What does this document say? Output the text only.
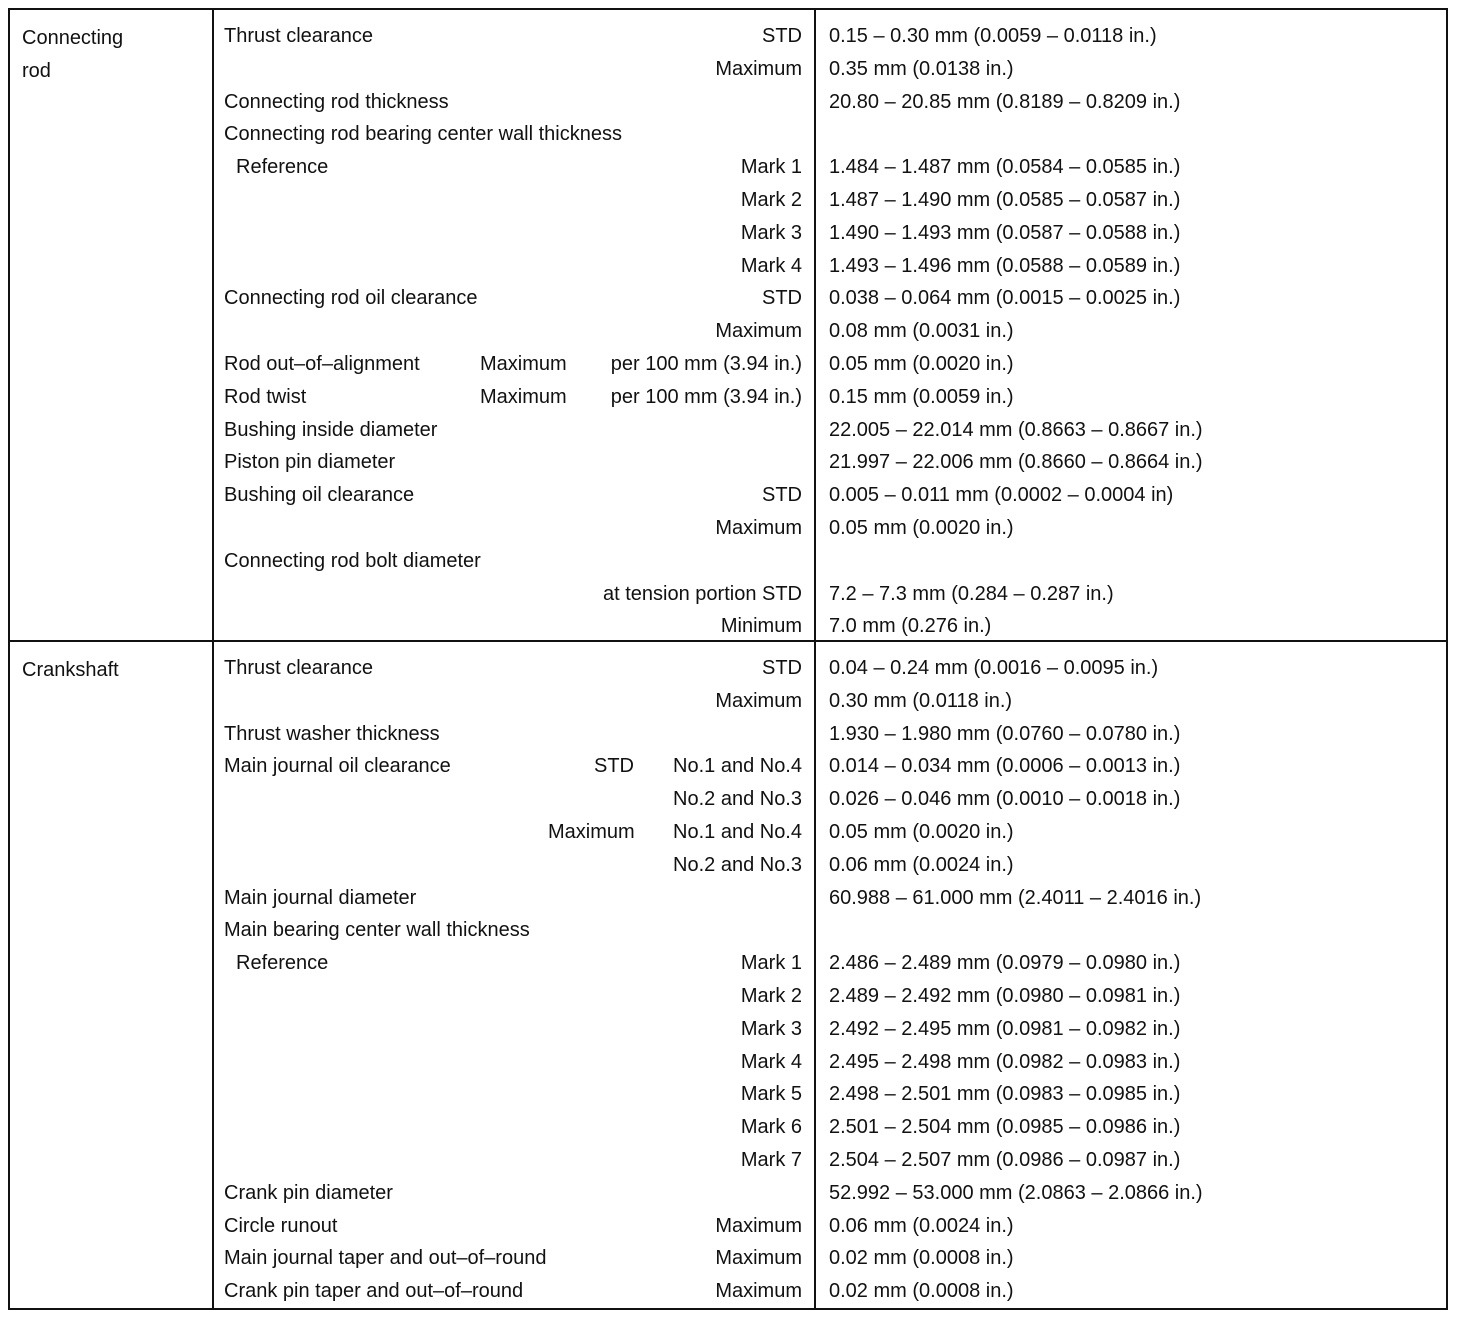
Connecting
rod
Thrust clearance	STD 0.15 – 0.30 mm (0.0059 – 0.0118 in.)
Maximum 0.35 mm (0.0138 in.)
Connecting rod thickness	20.80 – 20.85 mm (0.8189 – 0.8209 in.)
Connecting rod bearing center wall thickness
Reference	Mark 1 1.484 – 1.487 mm (0.0584 – 0.0585 in.)
Mark 2 1.487 – 1.490 mm (0.0585 – 0.0587 in.)
Mark 3 1.490 – 1.493 mm (0.0587 – 0.0588 in.)
Mark 4 1.493 – 1.496 mm (0.0588 – 0.0589 in.)
Connecting rod oil clearance	STD 0.038 – 0.064 mm (0.0015 – 0.0025 in.)
Maximum 0.08 mm (0.0031 in.)
Rod out–of–alignment	Maximum per 100 mm (3.94 in.) 0.05 mm (0.0020 in.)
Rod twist	Maximum per 100 mm (3.94 in.) 0.15 mm (0.0059 in.)
Bushing inside diameter	22.005 – 22.014 mm (0.8663 – 0.8667 in.)
Piston pin diameter	21.997 – 22.006 mm (0.8660 – 0.8664 in.)
Bushing oil clearance	STD 0.005 – 0.011 mm (0.0002 – 0.0004 in)
Maximum 0.05 mm (0.0020 in.)
Connecting rod bolt diameter
at tension portion STD 7.2 – 7.3 mm (0.284 – 0.287 in.)
Minimum 7.0 mm (0.276 in.)
Crankshaft	Thrust clearance	STD 0.04 – 0.24 mm (0.0016 – 0.0095 in.)
Maximum 0.30 mm (0.0118 in.)
Thrust washer thickness	1.930 – 1.980 mm (0.0760 – 0.0780 in.)
Main journal oil clearance	STD No.1 and No.4 0.014 – 0.034 mm (0.0006 – 0.0013 in.)
No.2 and No.3 0.026 – 0.046 mm (0.0010 – 0.0018 in.)
Maximum No.1 and No.4 0.05 mm (0.0020 in.)
No.2 and No.3 0.06 mm (0.0024 in.)
Main journal diameter	60.988 – 61.000 mm (2.4011 – 2.4016 in.)
Main bearing center wall thickness
Reference	Mark 1 2.486 – 2.489 mm (0.0979 – 0.0980 in.)
Mark 2 2.489 – 2.492 mm (0.0980 – 0.0981 in.)
Mark 3 2.492 – 2.495 mm (0.0981 – 0.0982 in.)
Mark 4 2.495 – 2.498 mm (0.0982 – 0.0983 in.)
Mark 5 2.498 – 2.501 mm (0.0983 – 0.0985 in.)
Mark 6 2.501 – 2.504 mm (0.0985 – 0.0986 in.)
Mark 7 2.504 – 2.507 mm (0.0986 – 0.0987 in.)
Crank pin diameter	52.992 – 53.000 mm (2.0863 – 2.0866 in.)
Circle runout	Maximum 0.06 mm (0.0024 in.)
Main journal taper and out–of–round	Maximum 0.02 mm (0.0008 in.)
Crank pin taper and out–of–round	Maximum 0.02 mm (0.0008 in.)
